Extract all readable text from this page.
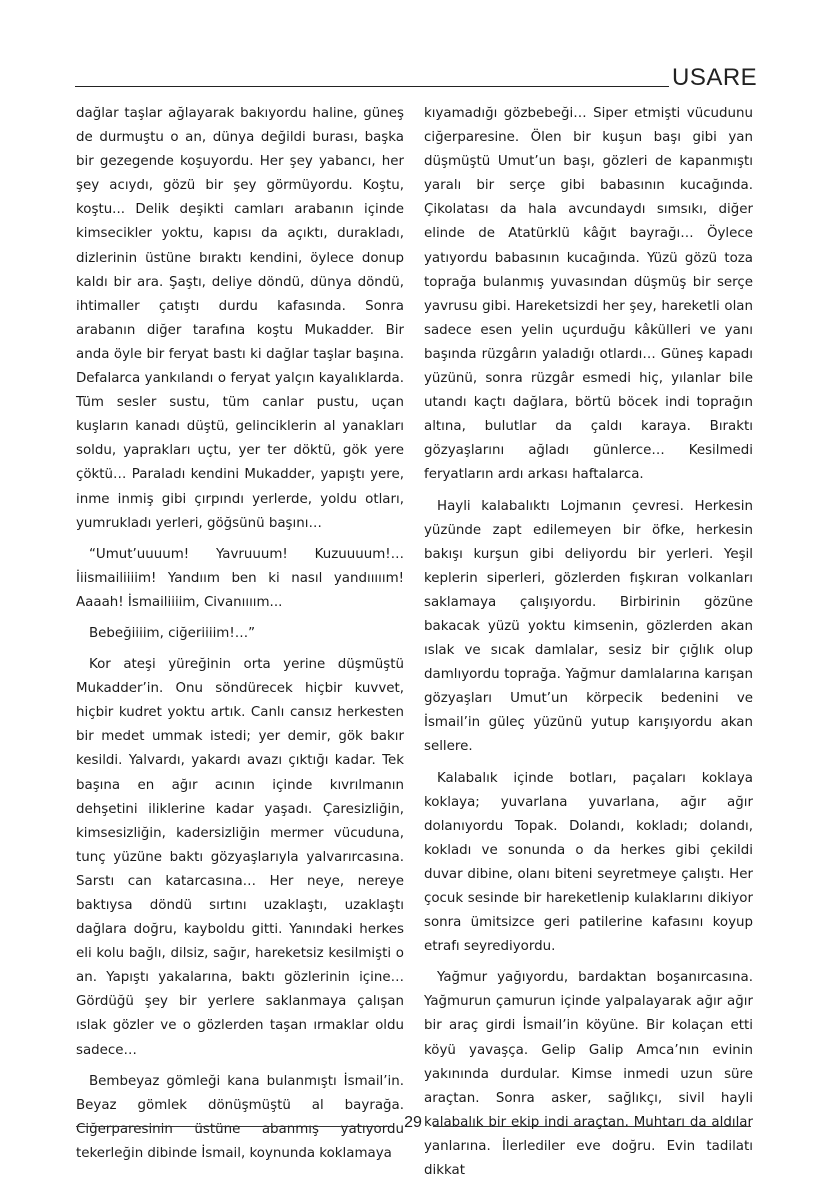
USARE

dağlar taşlar ağlayarak bakıyordu haline, güneş de durmuştu o an, dünya değildi burası, başka bir gezegende koşuyordu. Her şey yabancı, her şey acıydı, gözü bir şey görmüyordu. Koştu, koştu... Delik deşikti camları arabanın içinde kimsecikler yoktu, kapısı da açıktı, durakladı, dizlerinin üstüne bıraktı kendini, öylece donup kaldı bir ara. Şaştı, deliye döndü, dünya döndü, ihtimaller çatıştı durdu kafasında. Sonra arabanın diğer tarafına koştu Mukadder. Bir anda öyle bir feryat bastı ki dağlar taşlar başına. Defalarca yankılandı o feryat yalçın kayalıklarda. Tüm sesler sustu, tüm canlar pustu, uçan kuşların kanadı düştü, gelinciklerin al yanakları soldu, yaprakları uçtu, yer ter döktü, gök yere çöktü… Paraladı kendini Mukadder, yapıştı yere, inme inmiş gibi çırpındı yerlerde, yoldu otları, yumrukladı yerleri, göğsünü başını…

“Umut’uuuum! Yavruuum! Kuzuuuum!… İiismailiiiim! Yandıım ben ki nasıl yandııııım! Aaaah! İsmailiiiim, Civanıııım...

Bebeğiiiim, ciğeriiiim!…”

Kor ateşi yüreğinin orta yerine düşmüştü Mukadder’in. Onu söndürecek hiçbir kuvvet, hiçbir kudret yoktu artık. Canlı cansız herkesten bir medet ummak istedi; yer demir, gök bakır kesildi. Yalvardı, yakardı avazı çıktığı kadar. Tek başına en ağır acının içinde kıvrılmanın dehşetini iliklerine kadar yaşadı. Çaresizliğin, kimsesizliğin, kadersizliğin mermer vücuduna, tunç yüzüne baktı gözyaşlarıyla yalvarırcasına. Sarstı can katarcasına… Her neye, nereye baktıysa döndü sırtını uzaklaştı, uzaklaştı dağlara doğru, kayboldu gitti. Yanındaki herkes eli kolu bağlı, dilsiz, sağır, hareketsiz kesilmişti o an. Yapıştı yakalarına, baktı gözlerinin içine… Gördüğü şey bir yerlere saklanmaya çalışan ıslak gözler ve o gözlerden taşan ırmaklar oldu sadece…

Bembeyaz gömleği kana bulanmıştı İsmail’in. Beyaz gömlek dönüşmüştü al bayrağa. Ciğerparesinin üstüne abanmış yatıyordu tekerleğin dibinde İsmail, koynunda koklamaya

kıyamadığı gözbebeği… Siper etmişti vücudunu ciğerparesine. Ölen bir kuşun başı gibi yan düşmüştü Umut’un başı, gözleri de kapanmıştı yaralı bir serçe gibi babasının kucağında. Çikolatası da hala avcundaydı sımsıkı, diğer elinde de Atatürklü kâğıt bayrağı… Öylece yatıyordu babasının kucağında. Yüzü gözü toza toprağa bulanmış yuvasından düşmüş bir serçe yavrusu gibi. Hareketsizdi her şey, hareketli olan sadece esen yelin uçurduğu kâkülleri ve yanı başında rüzgârın yaladığı otlardı… Güneş kapadı yüzünü, sonra rüzgâr esmedi hiç, yılanlar bile utandı kaçtı dağlara, börtü böcek indi toprağın altına, bulutlar da çaldı karaya. Bıraktı gözyaşlarını ağladı günlerce… Kesilmedi feryatların ardı arkası haftalarca.

Hayli kalabalıktı Lojmanın çevresi. Herkesin yüzünde zapt edilemeyen bir öfke, herkesin bakışı kurşun gibi deliyordu bir yerleri. Yeşil keplerin siperleri, gözlerden fışkıran volkanları saklamaya çalışıyordu. Birbirinin gözüne bakacak yüzü yoktu kimsenin, gözlerden akan ıslak ve sıcak damlalar, sesiz bir çığlık olup damlıyordu toprağa. Yağmur damlalarına karışan gözyaşları Umut’un körpecik bedenini ve İsmail’in güleç yüzünü yutup karışıyordu akan sellere.

Kalabalık içinde botları, paçaları koklaya koklaya; yuvarlana yuvarlana, ağır ağır dolanıyordu Topak. Dolandı, kokladı; dolandı, kokladı ve sonunda o da herkes gibi çekildi duvar dibine, olanı biteni seyretmeye çalıştı. Her çocuk sesinde bir hareketlenip kulaklarını dikiyor sonra ümitsizce geri patilerine kafasını koyup etrafı seyrediyordu.

Yağmur yağıyordu, bardaktan boşanırcasına. Yağmurun çamurun içinde yalpalayarak ağır ağır bir araç girdi İsmail’in köyüne. Bir kolaçan etti köyü yavaşça. Gelip Galip Amca’nın evinin yakınında durdular. Kimse inmedi uzun süre araçtan. Sonra asker, sağlıkçı, sivil hayli kalabalık bir ekip indi araçtan. Muhtarı da aldılar yanlarına. İlerlediler eve doğru. Evin tadilatı dikkat

29
